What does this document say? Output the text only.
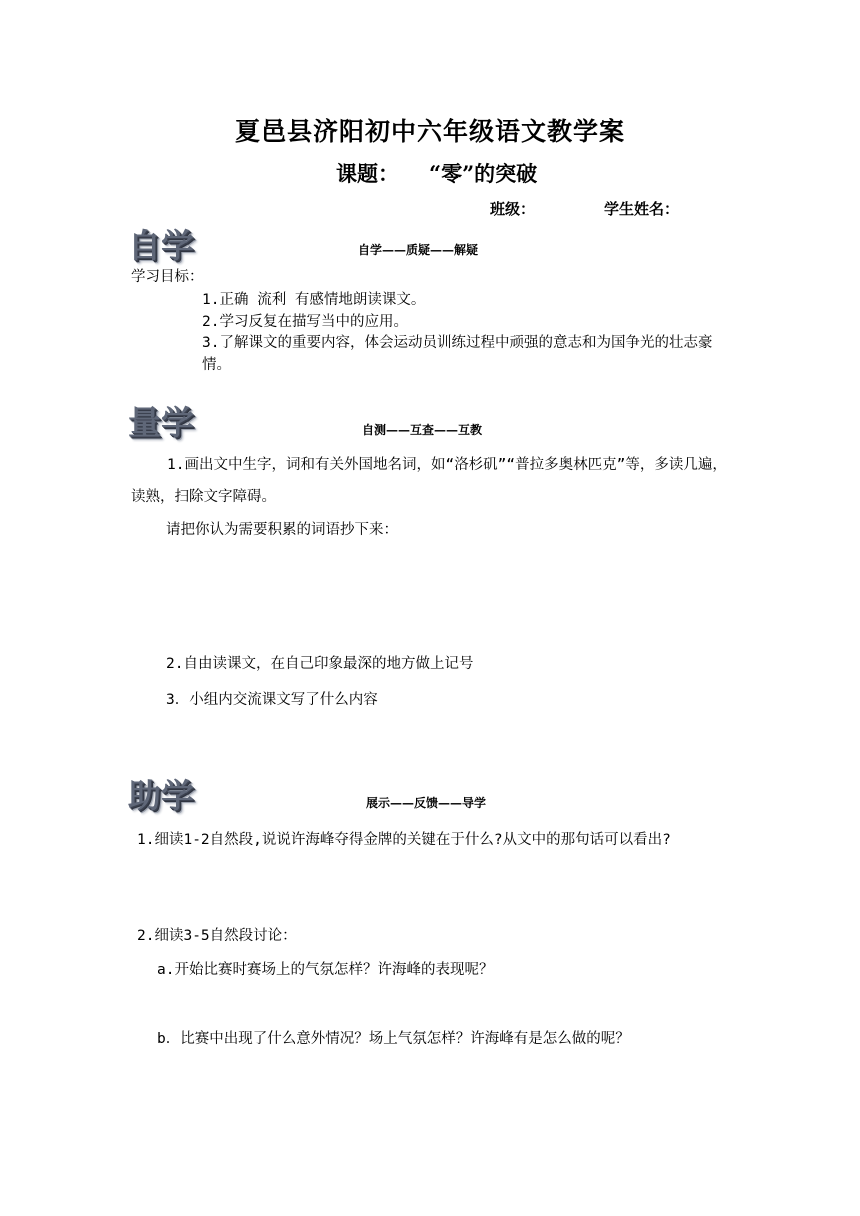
夏邑县济阳初中六年级语文教学案
课题： “零”的突破
班级：	学生姓名：
自学	自学——质疑——解疑
学习目标：
1.正确 流利 有感情地朗读课文。
2.学习反复在描写当中的应用。
3.了解课文的重要内容，体会运动员训练过程中顽强的意志和为国争光的壮志豪情。
量学	自测——互查——互教
1.画出文中生字，词和有关外国地名词，如“洛杉矶”“普拉多奥林匹克”等，多读几遍，读熟，扫除文字障碍。
请把你认为需要积累的词语抄下来：
2.自由读课文，在自己印象最深的地方做上记号
3．小组内交流课文写了什么内容
助学	展示——反馈——导学
1.细读1-2自然段,说说许海峰夺得金牌的关键在于什么?从文中的那句话可以看出?
2.细读3-5自然段讨论：
a.开始比赛时赛场上的气氛怎样？许海峰的表现呢？
b．比赛中出现了什么意外情况？场上气氛怎样？许海峰有是怎么做的呢？
